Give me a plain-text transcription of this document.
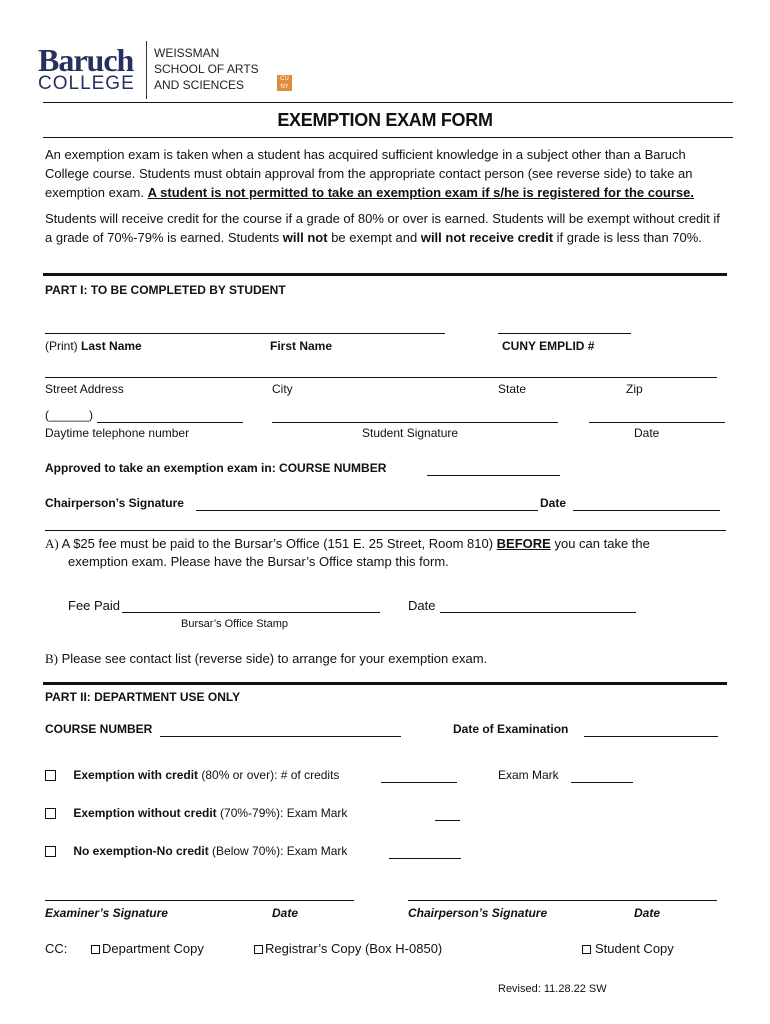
Baruch
COLLEGE
WEISSMAN
SCHOOL OF ARTS
AND SCIENCES	CU NY
EXEMPTION EXAM FORM
An exemption exam is taken when a student has acquired sufficient knowledge in a subject other than a Baruch College course. Students must obtain approval from the appropriate contact person (see reverse side) to take an exemption exam. A student is not permitted to take an exemption exam if s/he is registered for the course.
Students will receive credit for the course if a grade of 80% or over is earned. Students will be exempt without credit if a grade of 70%-79% is earned. Students will not be exempt and will not receive credit if grade is less than 70%.
PART I: TO BE COMPLETED BY STUDENT
(Print) Last Name	First Name	CUNY EMPLID #
Street Address	City	State	Zip
(______)
Daytime telephone number	Student Signature	Date
Approved to take an exemption exam in: COURSE NUMBER
Chairperson’s Signature	Date
A) A $25 fee must be paid to the Bursar’s Office (151 E. 25 Street, Room 810) BEFORE you can take the
exemption exam. Please have the Bursar’s Office stamp this form.
Fee Paid	Date
Bursar’s Office Stamp
B) Please see contact list (reverse side) to arrange for your exemption exam.
PART II: DEPARTMENT USE ONLY
COURSE NUMBER	Date of Examination
Exemption with credit (80% or over): # of credits	Exam Mark
Exemption without credit (70%-79%): Exam Mark
No exemption-No credit (Below 70%): Exam Mark
Examiner’s Signature	Date	Chairperson’s Signature	Date
CC:	Department Copy	Registrar’s Copy (Box H-0850)	Student Copy
Revised: 11.28.22 SW
